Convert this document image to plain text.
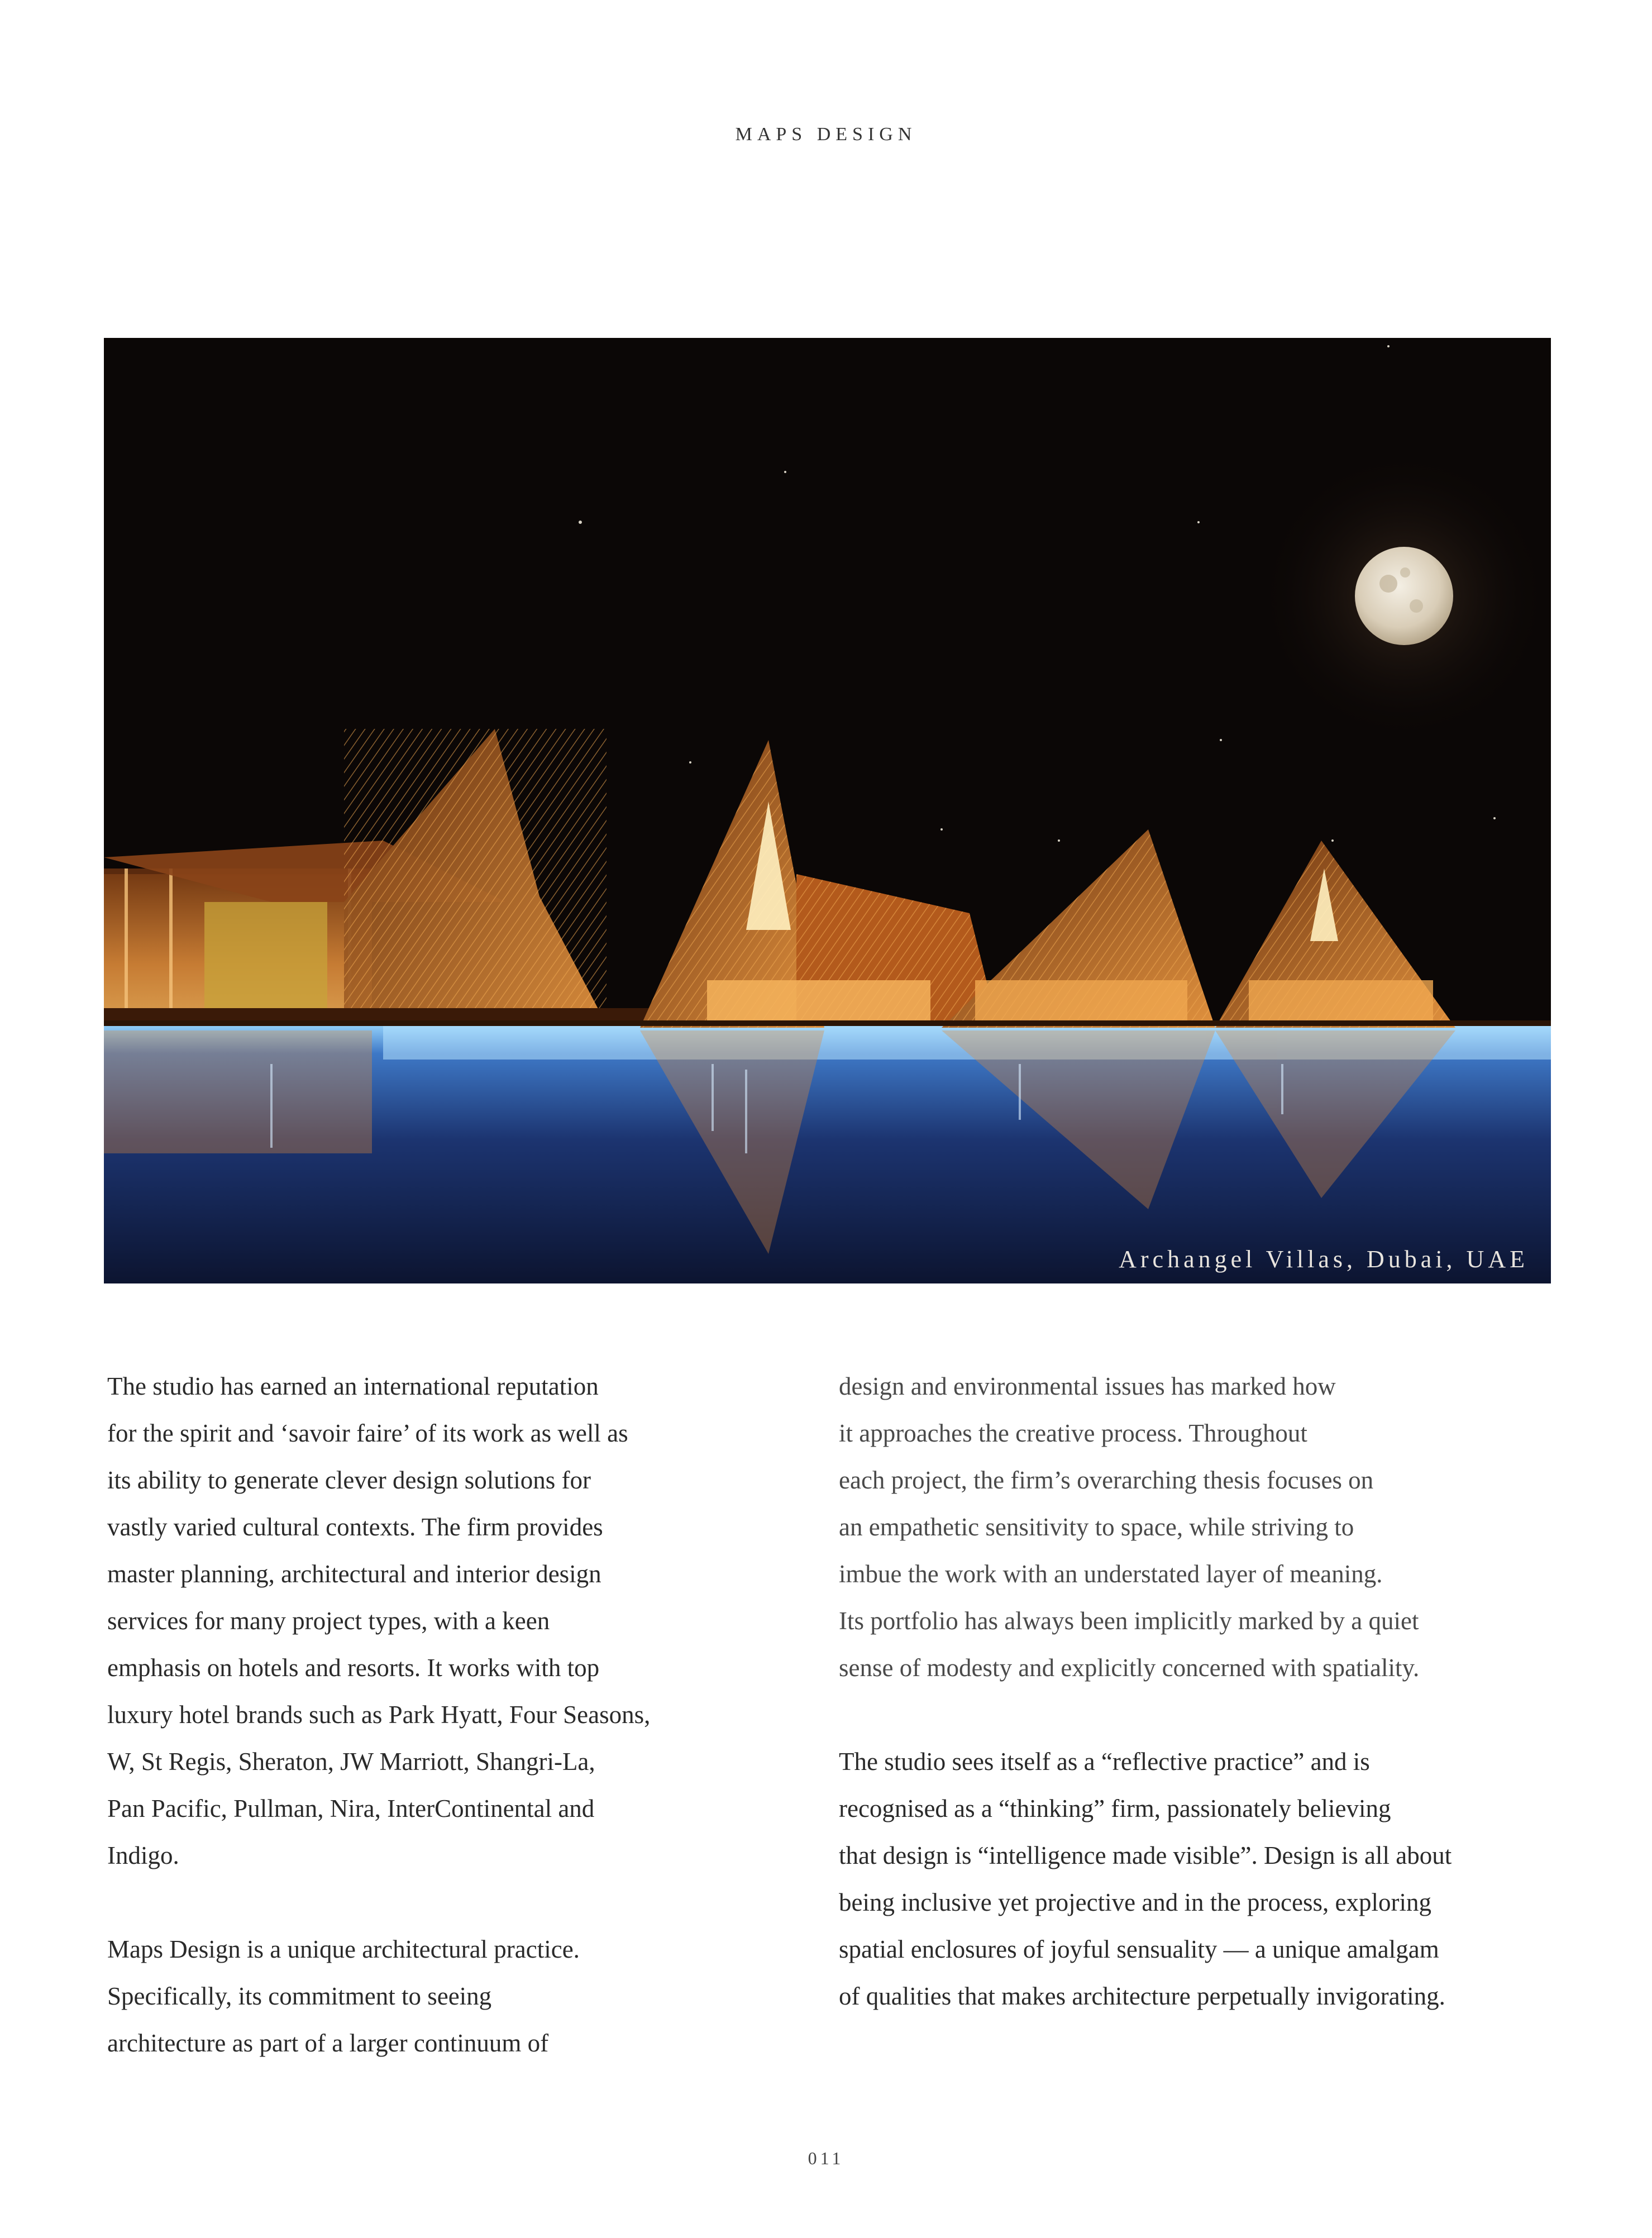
MAPS DESIGN
Archangel Villas, Dubai, UAE
The studio has earned an international reputation
for the spirit and ‘savoir faire’ of its work as well as
its ability to generate clever design solutions for
vastly varied cultural contexts. The firm provides
master planning, architectural and interior design
services for many project types, with a keen
emphasis on hotels and resorts. It works with top
luxury hotel brands such as Park Hyatt, Four Seasons,
W, St Regis, Sheraton, JW Marriott, Shangri-La,
Pan Pacific, Pullman, Nira, InterContinental and
Indigo.
Maps Design is a unique architectural practice.
Specifically, its commitment to seeing
architecture as part of a larger continuum of
design and environmental issues has marked how
it approaches the creative process. Throughout
each project, the firm’s overarching thesis focuses on
an empathetic sensitivity to space, while striving to
imbue the work with an understated layer of meaning.
Its portfolio has always been implicitly marked by a quiet
sense of modesty and explicitly concerned with spatiality.
The studio sees itself as a “reflective practice” and is
recognised as a “thinking” firm, passionately believing
that design is “intelligence made visible”. Design is all about
being inclusive yet projective and in the process, exploring
spatial enclosures of joyful sensuality — a unique amalgam
of qualities that makes architecture perpetually invigorating.
011
